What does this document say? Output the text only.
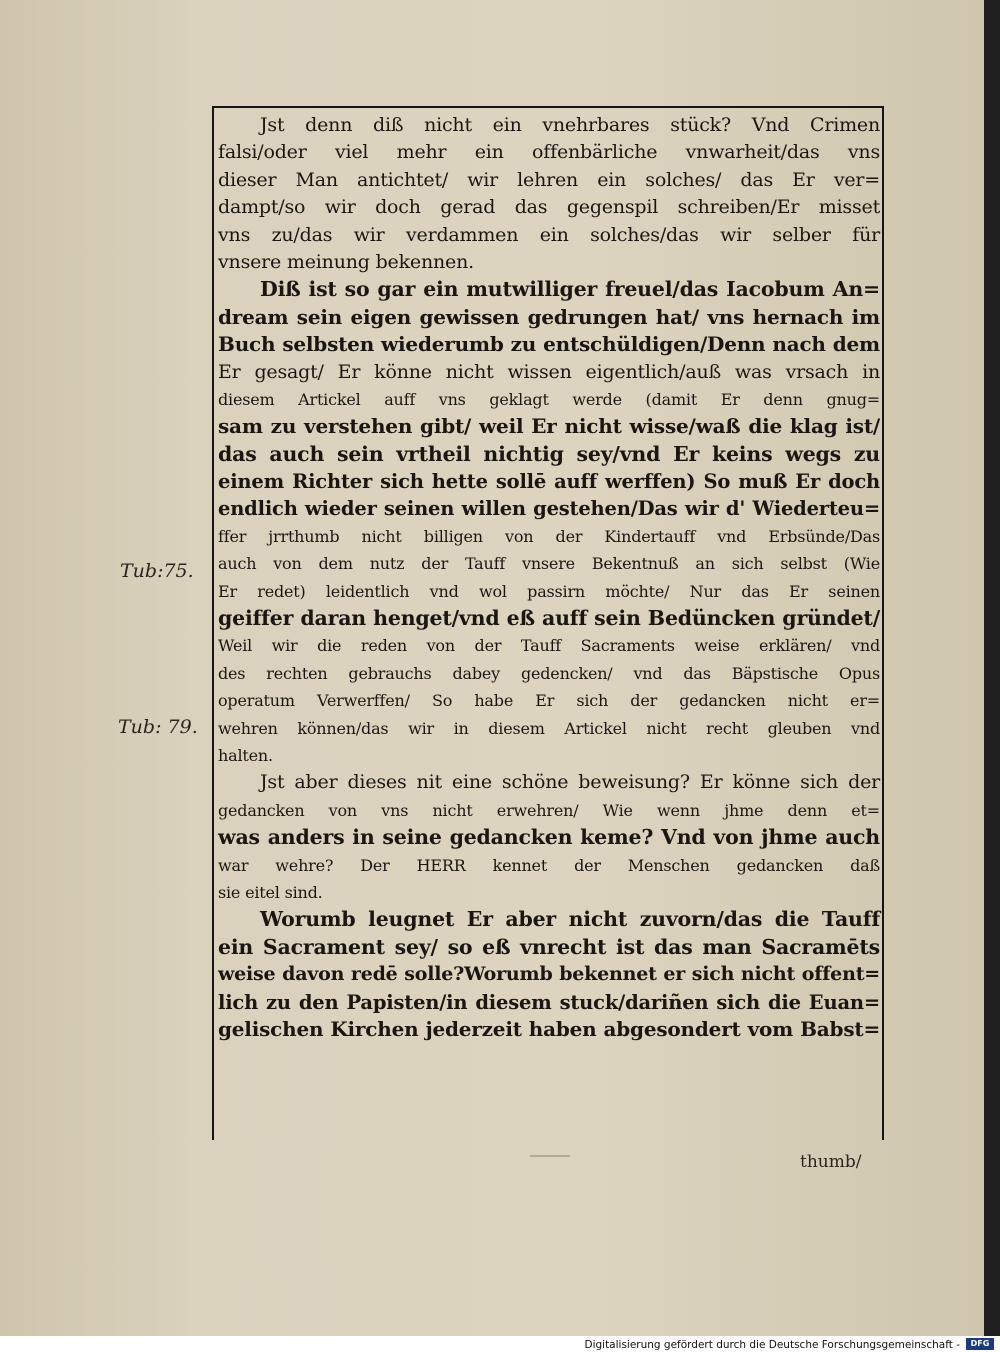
Jst denn diß nicht ein vnehrbares stück? Vnd Crimen
falsi/oder viel mehr ein offenbärliche vnwarheit/das vns
dieser Man antichtet/ wir lehren ein solches/ das Er ver=
dampt/so wir doch gerad das gegenspil schreiben/Er misset
vns zu/das wir verdammen ein solches/das wir selber für
vnsere meinung bekennen.
Diß ist so gar ein mutwilliger freuel/das Iacobum An=
dream sein eigen gewissen gedrungen hat/ vns hernach im
Buch selbsten wiederumb zu entschüldigen/Denn nach dem
Er gesagt/ Er könne nicht wissen eigentlich/auß was vrsach in
diesem Artickel auff vns geklagt werde (damit Er denn gnug=
sam zu verstehen gibt/ weil Er nicht wisse/waß die klag ist/
das auch sein vrtheil nichtig sey/vnd Er keins wegs zu
einem Richter sich hette sollē auff werffen) So muß Er doch
endlich wieder seinen willen gestehen/Das wir d' Wiederteu=
ffer jrrthumb nicht billigen von der Kindertauff vnd Erbsünde/Das
auch von dem nutz der Tauff vnsere Bekentnuß an sich selbst (Wie
Er redet) leidentlich vnd wol passirn möchte/ Nur das Er seinen
geiffer daran henget/vnd eß auff sein Bedüncken gründet/
Weil wir die reden von der Tauff Sacraments weise erklären/ vnd
des rechten gebrauchs dabey gedencken/ vnd das Bäpstische Opus
operatum Verwerffen/ So habe Er sich der gedancken nicht er=
wehren können/das wir in diesem Artickel nicht recht gleuben vnd
halten.
Jst aber dieses nit eine schöne beweisung? Er könne sich der
gedancken von vns nicht erwehren/ Wie wenn jhme denn et=
was anders in seine gedancken keme? Vnd von jhme auch
war wehre? Der HERR kennet der Menschen gedancken daß
sie eitel sind.
Worumb leugnet Er aber nicht zuvorn/das die Tauff
ein Sacrament sey/ so eß vnrecht ist das man Sacramēts
weise davon redē solle?Worumb bekennet er sich nicht offent=
lich zu den Papisten/in diesem stuck/dariñen sich die Euan=
gelischen Kirchen jederzeit haben abgesondert vom Babst=
Tub:75.
Tub: 79.
thumb/
Digitalisierung gefördert durch die Deutsche Forschungsgemeinschaft -	DFG
